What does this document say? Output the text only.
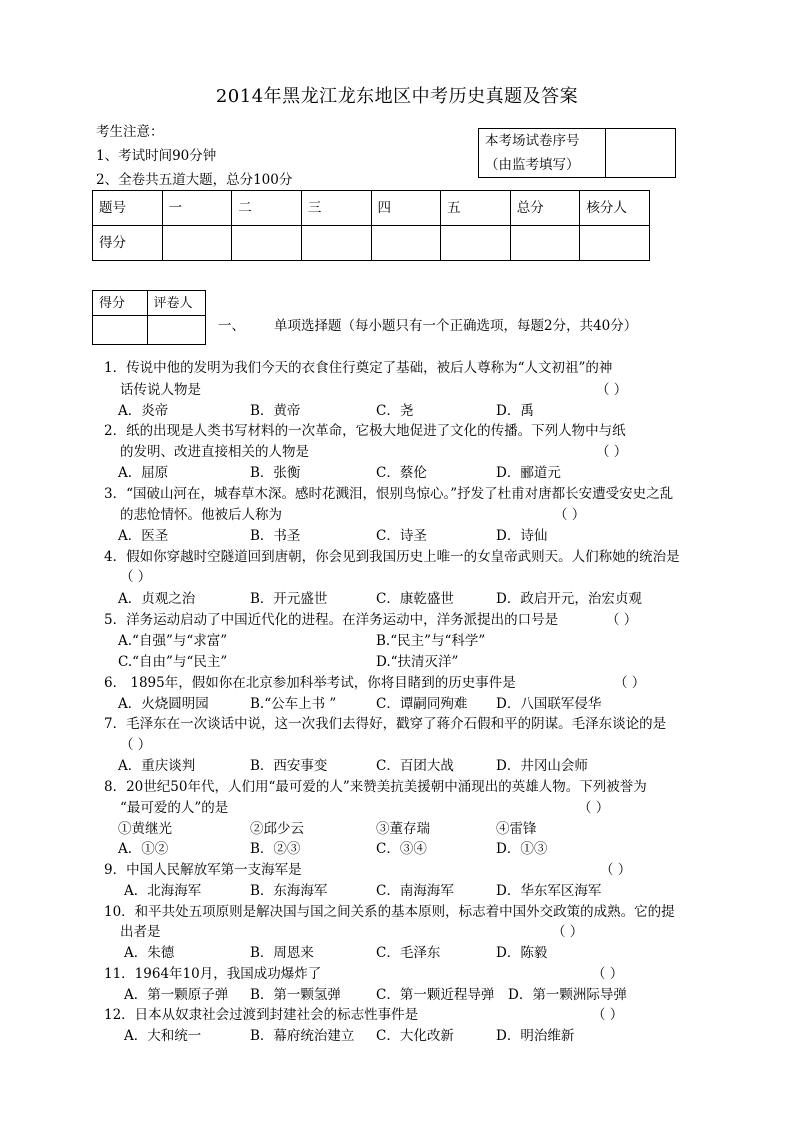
2014年黑龙江龙东地区中考历史真题及答案
考生注意：
1、考试时间90分钟
2、全卷共五道大题，总分100分
本考场试卷序号	
（由监考填写）
题号	一	二	三	四	五	总分	核分人
得分							
得分	评卷人

一、 单项选择题（每小题只有一个正确选项，每题2分，共40分）
1．传说中他的发明为我们今天的衣食住行奠定了基础，被后人尊称为“人文初祖”的神
话传说人物是	（ ）
A．炎帝	B．黄帝	C．尧	D．禹
2．纸的出现是人类书写材料的一次革命，它极大地促进了文化的传播。下列人物中与纸
的发明、改进直接相关的人物是	（ ）
A．屈原	B．张衡	C．蔡伦	D．郦道元
3．“国破山河在，城春草木深。感时花溅泪，恨别鸟惊心。”抒发了杜甫对唐都长安遭受安史之乱
的悲怆情怀。他被后人称为	（ ）
A．医圣	B．书圣	C．诗圣	D．诗仙
4．假如你穿越时空隧道回到唐朝，你会见到我国历史上唯一的女皇帝武则天。人们称她的统治是
（ ）
A．贞观之治	B．开元盛世	C．康乾盛世	D．政启开元，治宏贞观
5．洋务运动启动了中国近代化的进程。在洋务运动中，洋务派提出的口号是	（ ）
A.“自强”与“求富”	B.“民主”与“科学”
C.“自由”与“民主”	D.“扶清灭洋”
6． 1895年，假如你在北京参加科举考试，你将目睹到的历史事件是	（ ）
A．火烧圆明园	B.“公车上书 ”	C．谭嗣同殉难 D．八国联军侵华
7．毛泽东在一次谈话中说，这一次我们去得好，戳穿了蒋介石假和平的阴谋。毛泽东谈论的是
（ ）
A．重庆谈判	B．西安事变	C．百团大战	D．井冈山会师
8．20世纪50年代，人们用“最可爱的人”来赞美抗美援朝中涌现出的英雄人物。下列被誉为
“最可爱的人”的是	（ ）
①黄继光	②邱少云	③董存瑞	④雷锋
A．①②	B．②③	C．③④	D．①③
9．中国人民解放军第一支海军是	（ ）
A．北海海军	B．东海海军	C．南海海军	D．华东军区海军
10．和平共处五项原则是解决国与国之间关系的基本原则，标志着中国外交政策的成熟。它的提
出者是	（ ）
A．朱德	B．周恩来	C．毛泽东	D．陈毅
11．1964年10月，我国成功爆炸了	（ ）
A．第一颗原子弹 B．第一颗氢弹	C．第一颗近程导弹 D．第一颗洲际导弹
12．日本从奴隶社会过渡到封建社会的标志性事件是	（ ）
A．大和统一	B．幕府统治建立 C．大化改新	D．明治维新
